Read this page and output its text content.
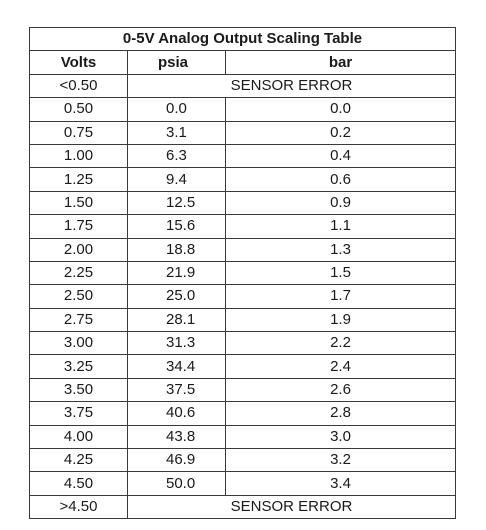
0-5V Analog Output Scaling Table		
Volts	psia	bar
<0.50	SENSOR ERROR	
0.50	0.0	0.0
0.75	3.1	0.2
1.00	6.3	0.4
1.25	9.4	0.6
1.50	12.5	0.9
1.75	15.6	1.1
2.00	18.8	1.3
2.25	21.9	1.5
2.50	25.0	1.7
2.75	28.1	1.9
3.00	31.3	2.2
3.25	34.4	2.4
3.50	37.5	2.6
3.75	40.6	2.8
4.00	43.8	3.0
4.25	46.9	3.2
4.50	50.0	3.4
>4.50	SENSOR ERROR	
